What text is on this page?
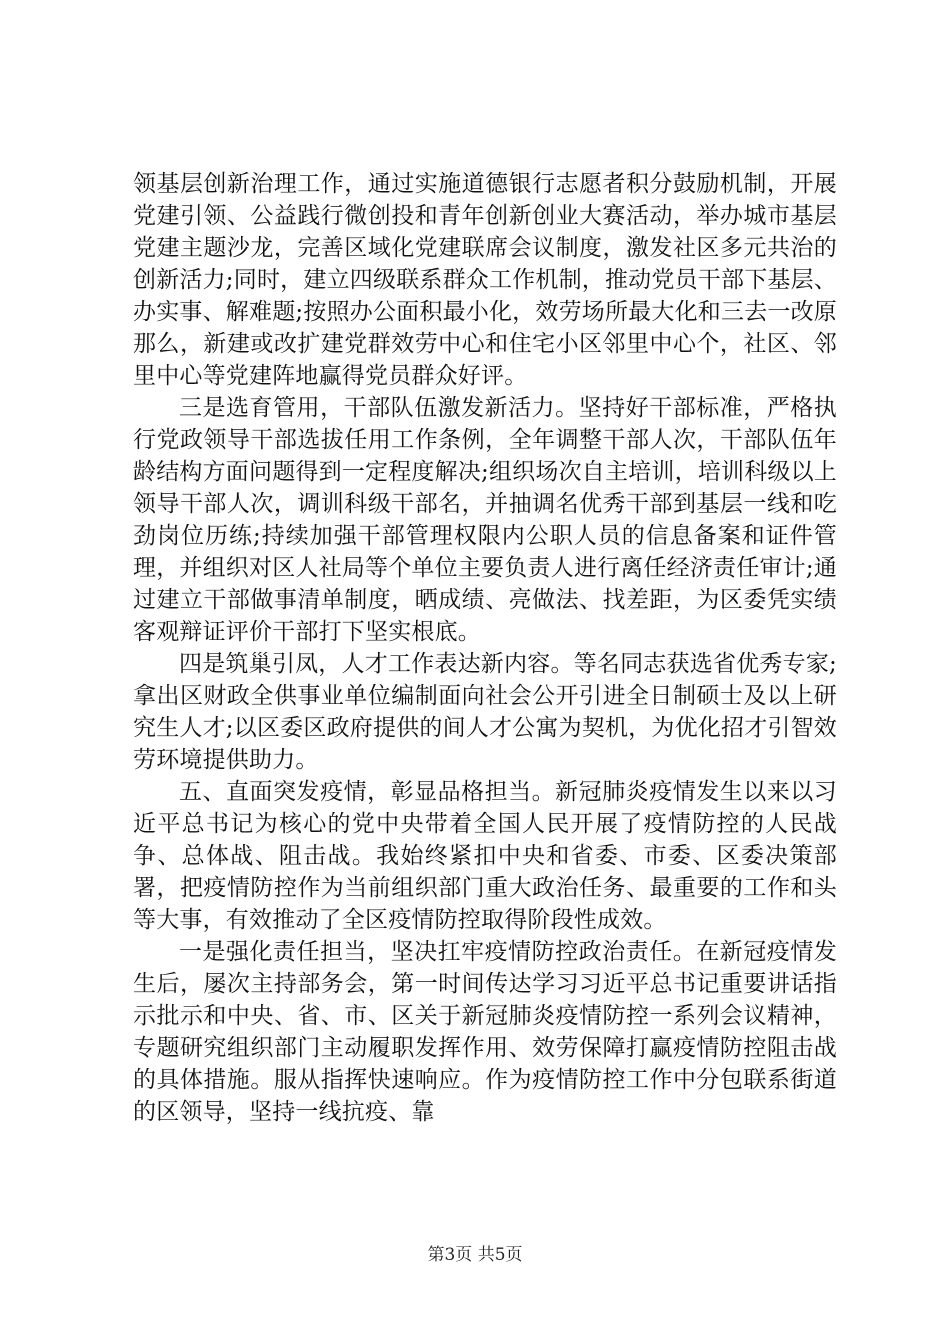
领基层创新治理工作，通过实施道德银行志愿者积分鼓励机制，开展党建引领、公益践行微创投和青年创新创业大赛活动，举办城市基层党建主题沙龙，完善区域化党建联席会议制度，激发社区多元共治的创新活力;同时，建立四级联系群众工作机制，推动党员干部下基层、办实事、解难题;按照办公面积最小化，效劳场所最大化和三去一改原那么，新建或改扩建党群效劳中心和住宅小区邻里中心个，社区、邻里中心等党建阵地赢得党员群众好评。

三是选育管用，干部队伍激发新活力。坚持好干部标准，严格执行党政领导干部选拔任用工作条例，全年调整干部人次，干部队伍年龄结构方面问题得到一定程度解决;组织场次自主培训，培训科级以上领导干部人次，调训科级干部名，并抽调名优秀干部到基层一线和吃劲岗位历练;持续加强干部管理权限内公职人员的信息备案和证件管理，并组织对区人社局等个单位主要负责人进行离任经济责任审计;通过建立干部做事清单制度，晒成绩、亮做法、找差距，为区委凭实绩客观辩证评价干部打下坚实根底。

四是筑巢引凤，人才工作表达新内容。等名同志获选省优秀专家;拿出区财政全供事业单位编制面向社会公开引进全日制硕士及以上研究生人才;以区委区政府提供的间人才公寓为契机，为优化招才引智效劳环境提供助力。

五、直面突发疫情，彰显品格担当。新冠肺炎疫情发生以来以习近平总书记为核心的党中央带着全国人民开展了疫情防控的人民战争、总体战、阻击战。我始终紧扣中央和省委、市委、区委决策部署，把疫情防控作为当前组织部门重大政治任务、最重要的工作和头等大事，有效推动了全区疫情防控取得阶段性成效。

一是强化责任担当，坚决扛牢疫情防控政治责任。在新冠疫情发生后，屡次主持部务会，第一时间传达学习习近平总书记重要讲话指示批示和中央、省、市、区关于新冠肺炎疫情防控一系列会议精神，专题研究组织部门主动履职发挥作用、效劳保障打赢疫情防控阻击战的具体措施。服从指挥快速响应。作为疫情防控工作中分包联系街道的区领导，坚持一线抗疫、靠

第3页 共5页
